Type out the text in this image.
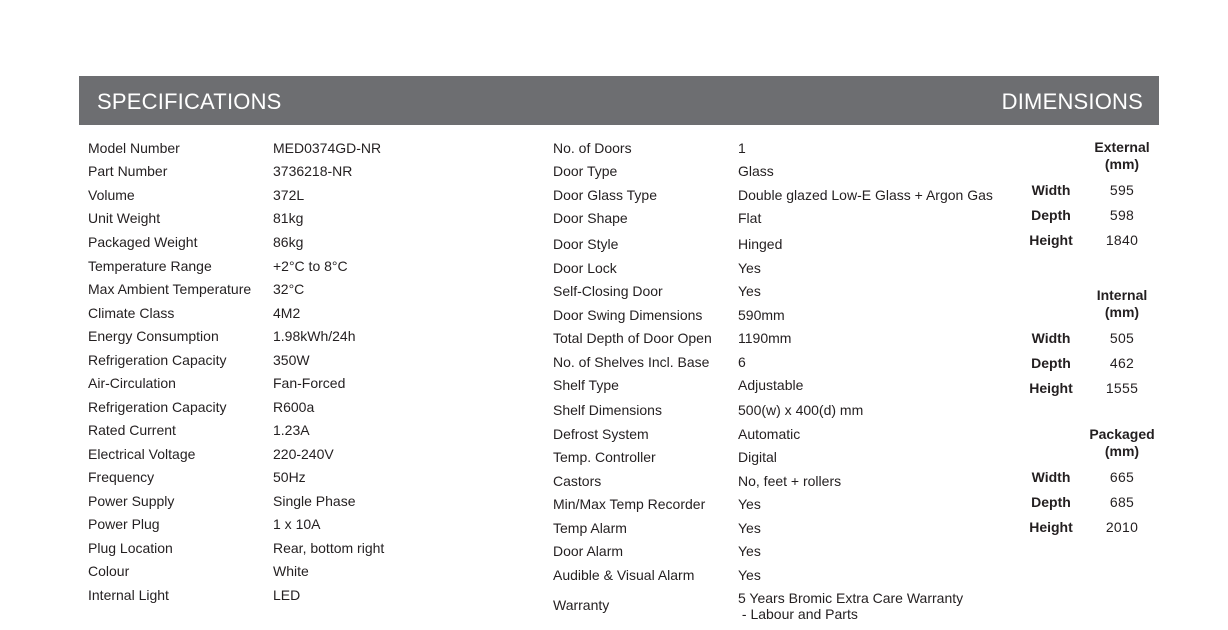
SPECIFICATIONS	DIMENSIONS
Model Number	MED0374GD-NR
Part Number	3736218-NR
Volume	372L
Unit Weight	81kg
Packaged Weight	86kg
Temperature Range	+2°C to 8°C
Max Ambient Temperature 32°C
Climate Class	4M2
Energy Consumption	1.98kWh/24h
Refrigeration Capacity	350W
Air-Circulation	Fan-Forced
Refrigeration Capacity	R600a
Rated Current	1.23A
Electrical Voltage	220-240V
Frequency	50Hz
Power Supply	Single Phase
Power Plug	1 x 10A
Plug Location	Rear, bottom right
Colour	White
Internal Light	LED
No. of Doors	1
Door Type	Glass
Door Glass Type	Double glazed Low-E Glass + Argon Gas
Door Shape	Flat
Door Style	Hinged
Door Lock	Yes
Self-Closing Door	Yes
Door Swing Dimensions	590mm
Total Depth of Door Open 1190mm
No. of Shelves Incl. Base 6
Shelf Type	Adjustable
Shelf Dimensions	500(w) x 400(d) mm
Defrost System	Automatic
Temp. Controller	Digital
Castors	No, feet + rollers
Min/Max Temp Recorder Yes
Temp Alarm	Yes
Door Alarm	Yes
Audible & Visual Alarm	Yes
Warranty	5 Years Bromic Extra Care Warranty
- Labour and Parts
External
(mm)
Width	595
Depth	598
Height	1840
Internal
(mm)
Width	505
Depth	462
Height	1555
Packaged
(mm)
Width	665
Depth	685
Height	2010
